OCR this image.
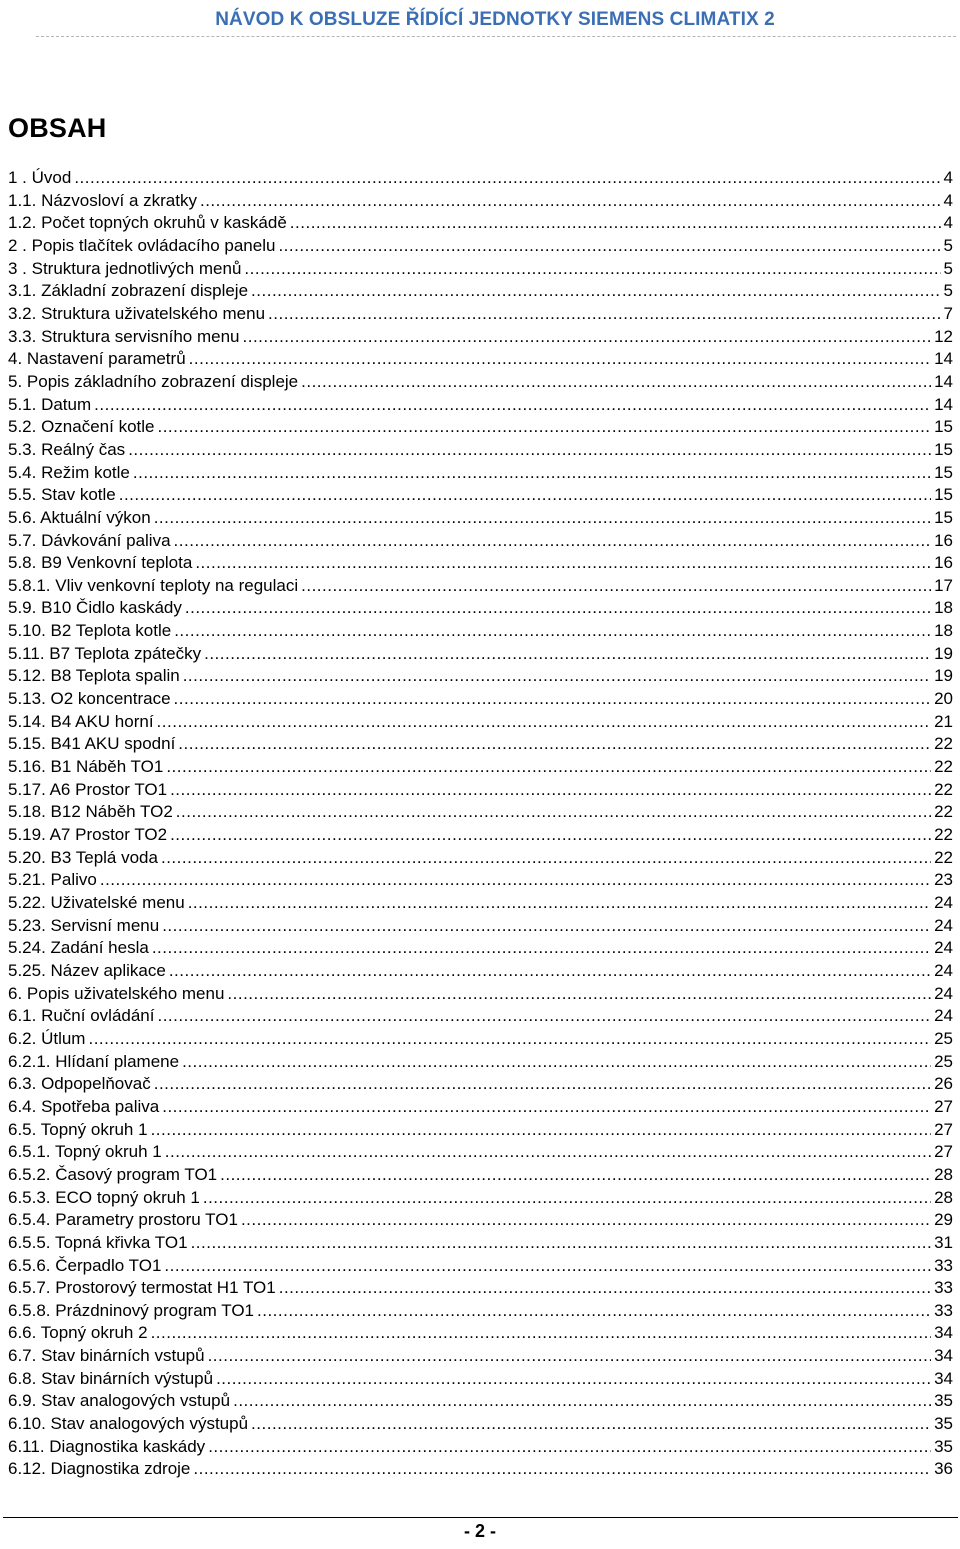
NÁVOD K OBSLUZE ŘÍDÍCÍ JEDNOTKY SIEMENS CLIMATIX 2
OBSAH
1 . Úvod .....	4
1.1. Názvosloví a zkratky .....	4
1.2. Počet topných okruhů v kaskádě .....	4
2 . Popis tlačítek ovládacího panelu .....	5
3 . Struktura jednotlivých menů .....	5
3.1. Základní zobrazení displeje .....	5
3.2. Struktura uživatelského menu .....	7
3.3. Struktura servisního menu .....	12
4. Nastavení parametrů .....	14
5. Popis základního zobrazení displeje .....	14
5.1. Datum .....	14
5.2. Označení kotle .....	15
5.3. Reálný čas .....	15
5.4. Režim kotle .....	15
5.5. Stav kotle .....	15
5.6. Aktuální výkon .....	15
5.7. Dávkování paliva .....	16
5.8. B9 Venkovní teplota .....	16
5.8.1. Vliv venkovní teploty na regulaci .....	17
5.9. B10 Čidlo kaskády .....	18
5.10. B2 Teplota kotle .....	18
5.11. B7 Teplota zpátečky .....	19
5.12. B8 Teplota spalin .....	19
5.13. O2 koncentrace .....	20
5.14. B4 AKU horní .....	21
5.15. B41 AKU spodní .....	22
5.16. B1 Náběh TO1 .....	22
5.17. A6 Prostor TO1 .....	22
5.18. B12 Náběh TO2 .....	22
5.19. A7 Prostor TO2 .....	22
5.20. B3 Teplá voda .....	22
5.21. Palivo .....	23
5.22. Uživatelské menu .....	24
5.23. Servisní menu .....	24
5.24. Zadání hesla .....	24
5.25. Název aplikace .....	24
6. Popis uživatelského menu .....	24
6.1. Ruční ovládání .....	24
6.2. Útlum .....	25
6.2.1. Hlídaní plamene .....	25
6.3. Odpopelňovač .....	26
6.4. Spotřeba paliva .....	27
6.5. Topný okruh 1 .....	27
6.5.1. Topný okruh 1 .....	27
6.5.2. Časový program TO1 .....	28
6.5.3. ECO topný okruh 1 .....	28
6.5.4. Parametry prostoru TO1 .....	29
6.5.5. Topná křivka TO1 .....	31
6.5.6. Čerpadlo TO1 .....	33
6.5.7. Prostorový termostat H1 TO1 .....	33
6.5.8. Prázdninový program TO1 .....	33
6.6. Topný okruh 2 .....	34
6.7. Stav binárních vstupů .....	34
6.8. Stav binárních výstupů .....	34
6.9. Stav analogových vstupů .....	35
6.10. Stav analogových výstupů .....	35
6.11. Diagnostika kaskády .....	35
6.12. Diagnostika zdroje .....	36
- 2 -
